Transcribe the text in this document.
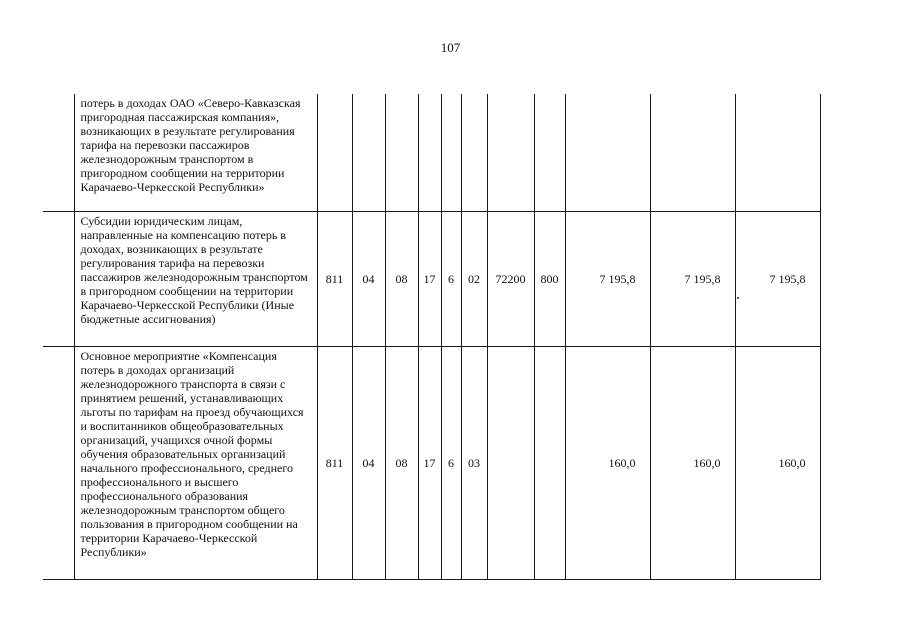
107
	потерь в доходах ОАО «Северо-Кавказская пригородная пассажирская компания», возникающих в результате регулирования тарифа на перевозки пассажиров железнодорожным транспортом в пригородном сообщении на территории Карачаево-Черкесской Республики»											
	Субсидии юридическим лицам, направленные на компенсацию потерь в доходах, возникающих в результате регулирования тарифа на перевозки пассажиров железнодорожным транспортом в пригородном сообщении на территории Карачаево-Черкесской Республики (Иные бюджетные ассигнования)	811	04	08	17	6	02	72200	800	7 195,8	7 195,8	7 195,8
	Основное мероприятие «Компенсация потерь в доходах организаций железнодорожного транспорта в связи с принятием решений, устанавливающих льготы по тарифам на проезд обучающихся и воспитанников общеобразовательных организаций, учащихся очной формы обучения образовательных организаций начального профессионального, среднего профессионального и высшего профессионального образования железнодорожным транспортом общего пользования в пригородном сообщении на территории Карачаево-Черкесской Республики»	811	04	08	17	6	03			160,0	160,0	160,0
